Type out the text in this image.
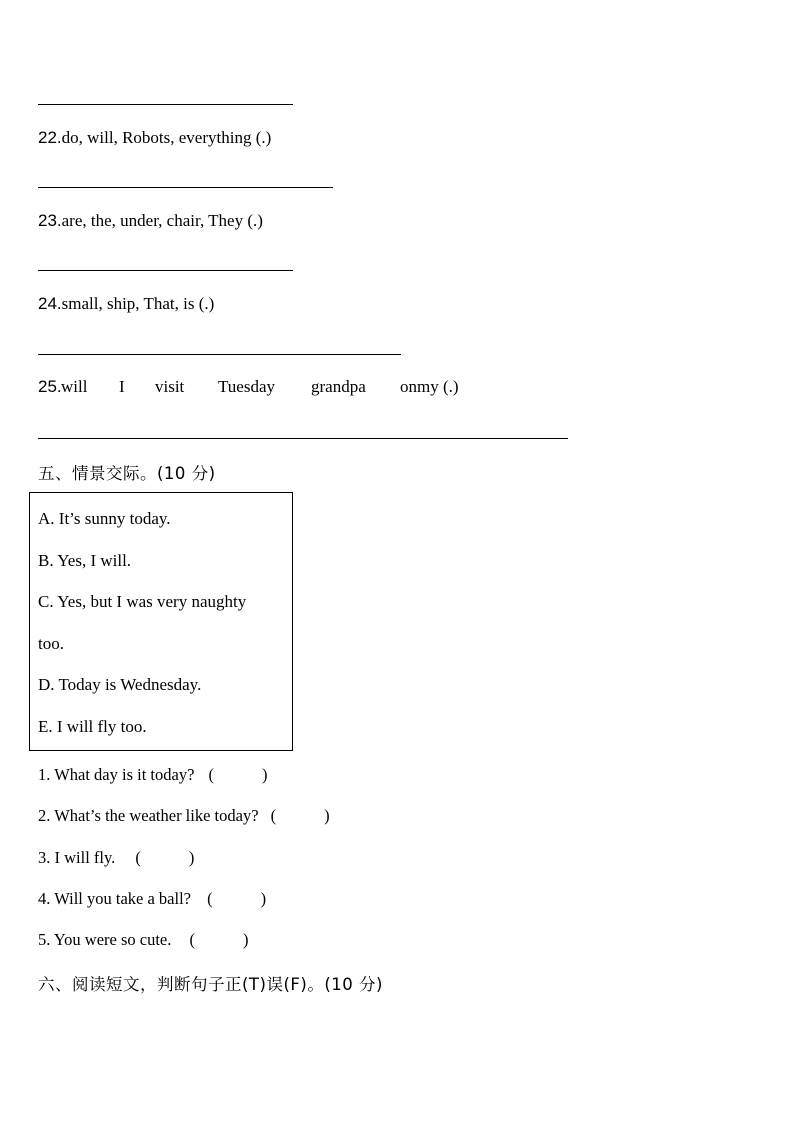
22.do, will, Robots, everything (.)
23.are, the, under, chair, They (.)
24.small, ship, That, is (.)
25. will I visit Tuesday grandpa onmy (.)
五、情景交际。(10 分)
A. It’s sunny today.
B. Yes, I will.
C. Yes, but I was very naughty
too.
D. Today is Wednesday.
E. I will fly too.
1. What day is it today? (	)
2. What’s the weather like today? (	)
3. I will fly. (	)
4. Will you take a ball? (	)
5. You were so cute. (	)
六、阅读短文，判断句子正(T)误(F)。(10 分)
